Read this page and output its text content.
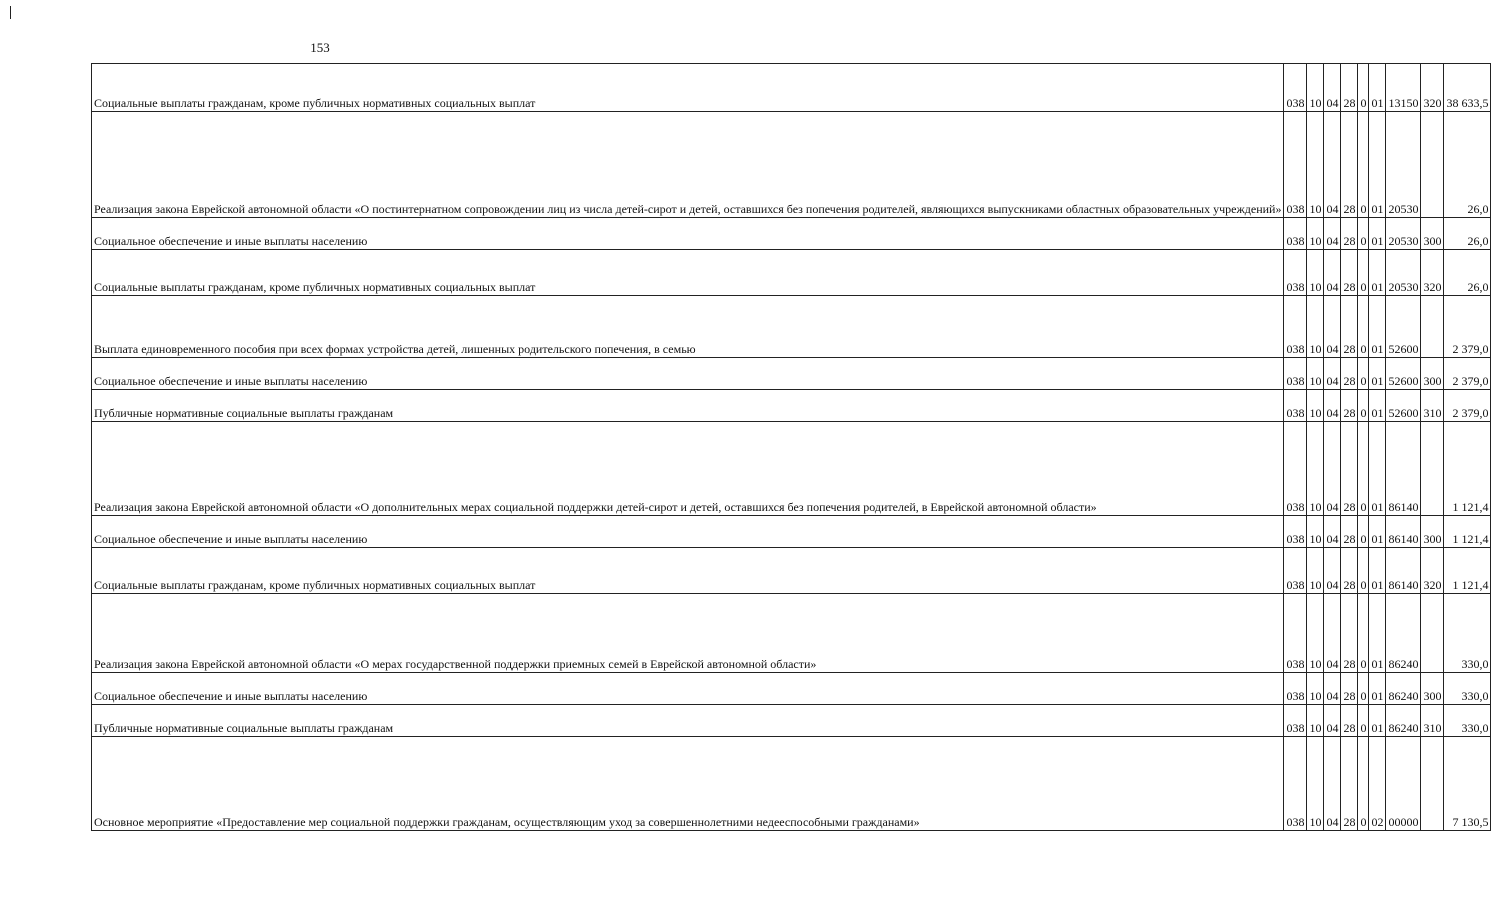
153
Социальные выплаты гражданам, кроме публичных нормативных социальных выплат	038	10	04	28	0	01	13150	320	38 633,5
Реализация закона Еврейской автономной области «О постинтернатном сопровождении лиц из числа детей-сирот и детей, оставшихся без попечения родителей, являющихся выпускниками областных образовательных учреждений»	038	10	04	28	0	01	20530		26,0
Социальное обеспечение и иные выплаты населению	038	10	04	28	0	01	20530	300	26,0
Социальные выплаты гражданам, кроме публичных нормативных социальных выплат	038	10	04	28	0	01	20530	320	26,0
Выплата единовременного пособия при всех формах устройства детей, лишенных родительского попечения, в семью	038	10	04	28	0	01	52600		2 379,0
Социальное обеспечение и иные выплаты населению	038	10	04	28	0	01	52600	300	2 379,0
Публичные нормативные социальные выплаты гражданам	038	10	04	28	0	01	52600	310	2 379,0
Реализация закона Еврейской автономной области «О дополнительных мерах социальной поддержки детей-сирот и детей, оставшихся без попечения родителей, в Еврейской автономной области»	038	10	04	28	0	01	86140		1 121,4
Социальное обеспечение и иные выплаты населению	038	10	04	28	0	01	86140	300	1 121,4
Социальные выплаты гражданам, кроме публичных нормативных социальных выплат	038	10	04	28	0	01	86140	320	1 121,4
Реализация закона Еврейской автономной области «О мерах государственной поддержки приемных семей в Еврейской автономной области»	038	10	04	28	0	01	86240		330,0
Социальное обеспечение и иные выплаты населению	038	10	04	28	0	01	86240	300	330,0
Публичные нормативные социальные выплаты гражданам	038	10	04	28	0	01	86240	310	330,0
Основное мероприятие «Предоставление мер социальной поддержки гражданам, осуществляющим уход за совершеннолетними недееспособными гражданами»	038	10	04	28	0	02	00000		7 130,5
